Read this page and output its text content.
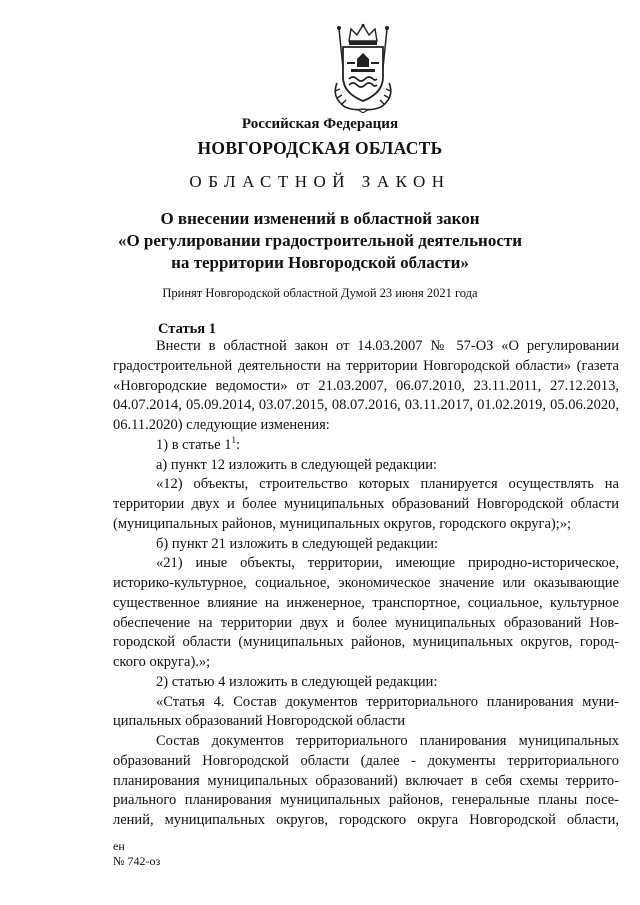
Российская Федерация
НОВГОРОДСКАЯ ОБЛАСТЬ
ОБЛАСТНОЙ ЗАКОН
О внесении изменений в областной закон
«О регулировании градостроительной деятельности
на территории Новгородской области»
Принят Новгородской областной Думой 23 июня 2021 года
Статья 1

Внести в областной закон от 14.03.2007 № 57-ОЗ «О регулировании

градостроительной деятельности на территории Новгородской области» (газета

«Новгородские ведомости» от 21.03.2007, 06.07.2010, 23.11.2011, 27.12.2013,

04.07.2014, 05.09.2014, 03.07.2015, 08.07.2016, 03.11.2017, 01.02.2019, 05.06.2020,

06.11.2020) следующие изменения:

1) в статье $1^1$:

а) пункт 12 изложить в следующей редакции:

«12) объекты, строительство которых планируется осуществлять на

территории двух и более муниципальных образований Новгородской области

(муниципальных районов, муниципальных округов, городского округа);»;

б) пункт 21 изложить в следующей редакции:

«21) иные объекты, территории, имеющие природно-историческое,

историко-культурное, социальное, экономическое значение или оказывающие

существенное влияние на инженерное, транспортное, социальное, культурное

обеспечение на территории двух и более муниципальных образований Нов-

городской области (муниципальных районов, муниципальных округов, город-

ского округа).»;

2) статью 4 изложить в следующей редакции:

«Статья 4. Состав документов территориального планирования муни-

ципальных образований Новгородской области

Состав документов территориального планирования муниципальных

образований Новгородской области (далее - документы территориального

планирования муниципальных образований) включает в себя схемы террито-

риального планирования муниципальных районов, генеральные планы посе-

лений, муниципальных округов, городского округа Новгородской области,

ен
№ 742-оз
